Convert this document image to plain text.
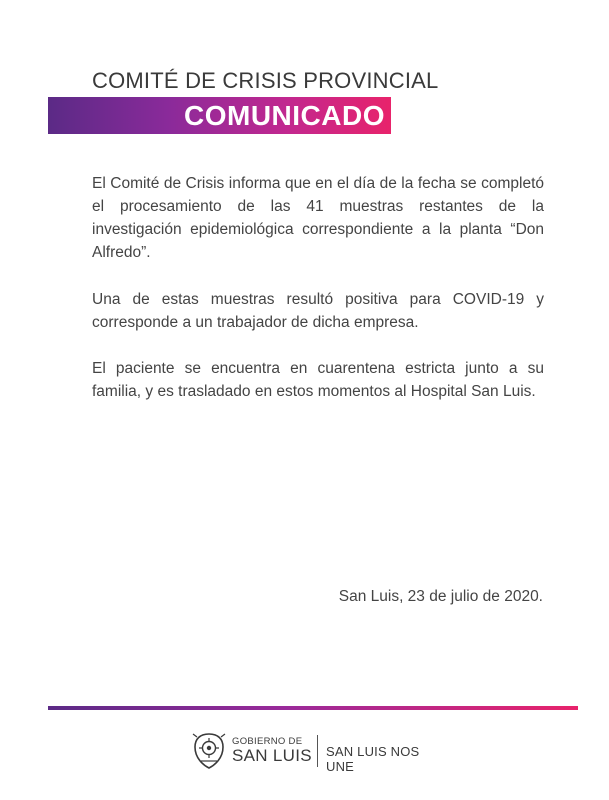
COMITÉ DE CRISIS PROVINCIAL
COMUNICADO

El Comité de Crisis informa que en el día de la fecha se completó el procesamiento de las 41 muestras restantes de la investigación epidemiológica correspondiente a la planta “Don Alfredo”.

Una de estas muestras resultó positiva para COVID-19 y corresponde a un trabajador de dicha empresa.

El paciente se encuentra en cuarentena estricta junto a su familia, y es trasladado en estos momentos al Hospital San Luis.

San Luis, 23 de julio de 2020.
GOBIERNO DE
SAN LUIS SAN LUIS NOS UNE
